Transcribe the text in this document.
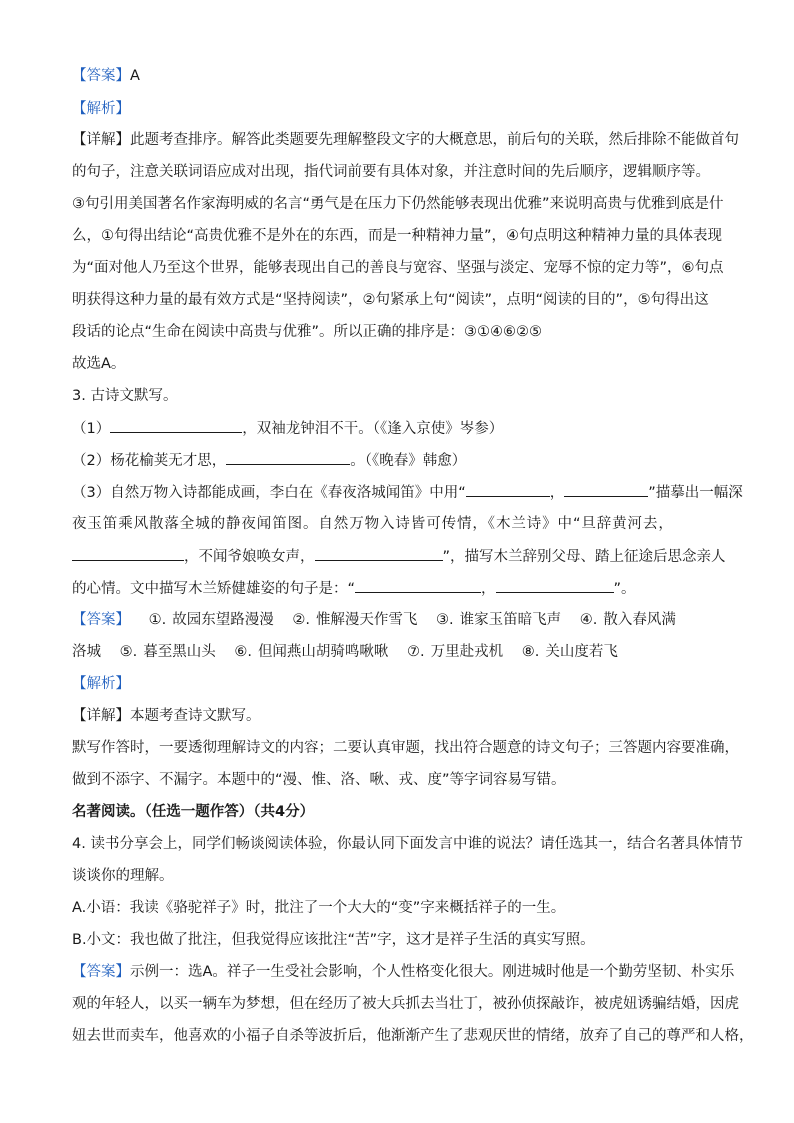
【答案】A
【解析】
【详解】此题考查排序。解答此类题要先理解整段文字的大概意思，前后句的关联，然后排除不能做首句
的句子，注意关联词语应成对出现，指代词前要有具体对象，并注意时间的先后顺序，逻辑顺序等。
③句引用美国著名作家海明威的名言“勇气是在压力下仍然能够表现出优雅”来说明高贵与优雅到底是什
么，①句得出结论“高贵优雅不是外在的东西，而是一种精神力量”，④句点明这种精神力量的具体表现
为“面对他人乃至这个世界，能够表现出自己的善良与宽容、坚强与淡定、宠辱不惊的定力等”，⑥句点
明获得这种力量的最有效方式是“坚持阅读”，②句紧承上句“阅读”，点明“阅读的目的”，⑤句得出这
段话的论点“生命在阅读中高贵与优雅”。所以正确的排序是：③①④⑥②⑤
故选A。
3. 古诗文默写。
（1）	，双袖龙钟泪不干。（《逢入京使》岑参）
（2）杨花榆荚无才思，	。（《晚春》韩愈）
（3）自然万物入诗都能成画，李白在《春夜洛城闻笛》中用“	，	”描摹出一幅深
夜玉笛乘风散落全城的静夜闻笛图。自然万物入诗皆可传情，《木兰诗》中“旦辞黄河去，
，不闻爷娘唤女声，	”，描写木兰辞别父母、踏上征途后思念亲人
的心情。文中描写木兰矫健雄姿的句子是：“	，	”。
【答案】 ①. 故园东望路漫漫 ②. 惟解漫天作雪飞 ③. 谁家玉笛暗飞声 ④. 散入春风满
洛城 ⑤. 暮至黑山头 ⑥. 但闻燕山胡骑鸣啾啾 ⑦. 万里赴戎机 ⑧. 关山度若飞
【解析】
【详解】本题考查诗文默写。
默写作答时，一要透彻理解诗文的内容；二要认真审题，找出符合题意的诗文句子；三答题内容要准确，
做到不添字、不漏字。本题中的“漫、惟、洛、啾、戎、度”等字词容易写错。
名著阅读。（任选一题作答）（共4分）
4. 读书分享会上，同学们畅谈阅读体验，你最认同下面发言中谁的说法？请任选其一，结合名著具体情节
谈谈你的理解。
A.小语：我读《骆驼祥子》时，批注了一个大大的“变”字来概括祥子的一生。
B.小文：我也做了批注，但我觉得应该批注“苦”字，这才是祥子生活的真实写照。
【答案】示例一：选A。祥子一生受社会影响，个人性格变化很大。刚进城时他是一个勤劳坚韧、朴实乐
观的年轻人，以买一辆车为梦想，但在经历了被大兵抓去当壮丁，被孙侦探敲诈，被虎妞诱骗结婚，因虎
妞去世而卖车，他喜欢的小福子自杀等波折后，他渐渐产生了悲观厌世的情绪，放弃了自己的尊严和人格，
